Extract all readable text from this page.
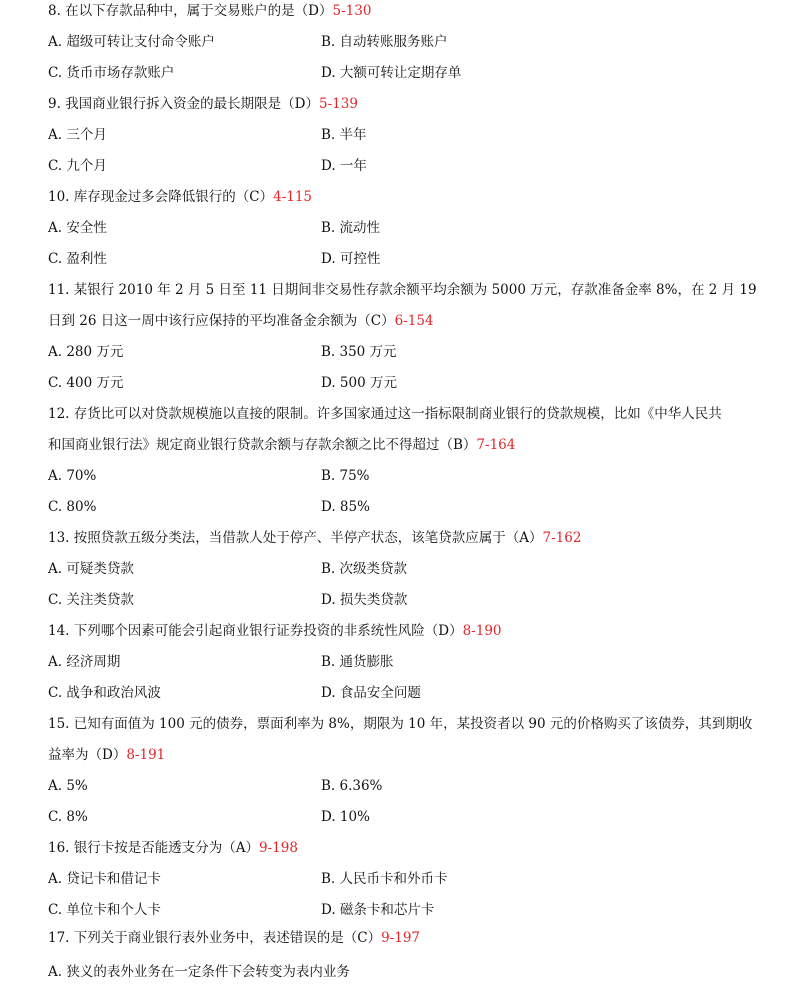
8. 在以下存款品种中，属于交易账户的是（D）5-130
A. 超级可转让支付命令账户	B. 自动转账服务账户
C. 货币市场存款账户	D. 大额可转让定期存单
9. 我国商业银行拆入资金的最长期限是（D）5-139
A. 三个月	B. 半年
C. 九个月	D. 一年
10. 库存现金过多会降低银行的（C）4-115
A. 安全性	B. 流动性
C. 盈利性	D. 可控性
11. 某银行 2010 年 2 月 5 日至 11 日期间非交易性存款余额平均余额为 5000 万元，存款准备金率 8%，在 2 月 19
日到 26 日这一周中该行应保持的平均准备金余额为（C）6-154
A. 280 万元	B. 350 万元
C. 400 万元	D. 500 万元
12. 存货比可以对贷款规模施以直接的限制。许多国家通过这一指标限制商业银行的贷款规模，比如《中华人民共
和国商业银行法》规定商业银行贷款余额与存款余额之比不得超过（B）7-164
A. 70%	B. 75%
C. 80%	D. 85%
13. 按照贷款五级分类法，当借款人处于停产、半停产状态，该笔贷款应属于（A）7-162
A. 可疑类贷款	B. 次级类贷款
C. 关注类贷款	D. 损失类贷款
14. 下列哪个因素可能会引起商业银行证券投资的非系统性风险（D）8-190
A. 经济周期	B. 通货膨胀
C. 战争和政治风波	D. 食品安全问题
15. 已知有面值为 100 元的债券，票面利率为 8%，期限为 10 年，某投资者以 90 元的价格购买了该债券，其到期收
益率为（D）8-191
A. 5%	B. 6.36%
C. 8%	D. 10%
16. 银行卡按是否能透支分为（A）9-198
A. 贷记卡和借记卡	B. 人民币卡和外币卡
C. 单位卡和个人卡	D. 磁条卡和芯片卡
17. 下列关于商业银行表外业务中，表述错误的是（C）9-197
A. 狭义的表外业务在一定条件下会转变为表内业务
